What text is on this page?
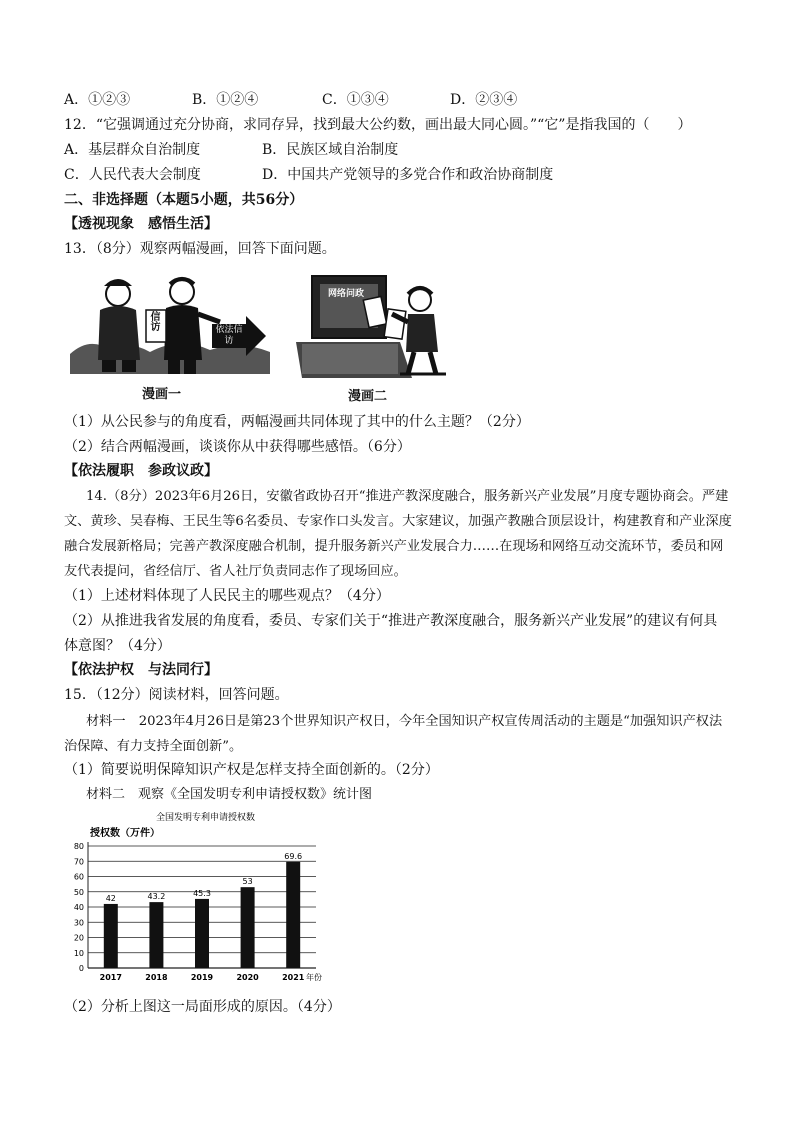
A．①②③	B．①②④	C．①③④	D．②③④
12．“它强调通过充分协商，求同存异，找到最大公约数，画出最大同心圆。”“它”是指我国的（　　）
A．基层群众自治制度	B．民族区域自治制度
C．人民代表大会制度	D．中国共产党领导的多党合作和政治协商制度
二、非选择题（本题5小题，共56分）
【透视现象　感悟生活】
13．（8分）观察两幅漫画，回答下面问题。
信访	依法信访
漫画一
网络问政
漫画二
（1）从公民参与的角度看，两幅漫画共同体现了其中的什么主题？（2分）
（2）结合两幅漫画，谈谈你从中获得哪些感悟。（6分）
【依法履职　参政议政】
14.（8分）2023年6月26日，安徽省政协召开“推进产教深度融合，服务新兴产业发展”月度专题协商会。严建文、黄珍、吴春梅、王民生等6名委员、专家作口头发言。大家建议，加强产教融合顶层设计，构建教育和产业深度融合发展新格局；完善产教深度融合机制，提升服务新兴产业发展合力……在现场和网络互动交流环节，委员和网友代表提问，省经信厅、省人社厅负责同志作了现场回应。
（1）上述材料体现了人民民主的哪些观点？（4分）
（2）从推进我省发展的角度看，委员、专家们关于“推进产教深度融合，服务新兴产业发展”的建议有何具
体意图？（4分）
【依法护权　与法同行】
15．（12分）阅读材料，回答问题。
材料一　2023年4月26日是第23个世界知识产权日，今年全国知识产权宣传周活动的主题是“加强知识产权法治保障、有力支持全面创新”。
（1）简要说明保障知识产权是怎样支持全面创新的。（2分）
材料二　观察《全国发明专利申请授权数》统计图
全国发明专利申请授权数
授权数（万件）
年份
0
10
20
30
40
50
60
70
80
42	43.2	45.3
53
69.6
2017	2018	2019	2020	2021
（2）分析上图这一局面形成的原因。（4分）
